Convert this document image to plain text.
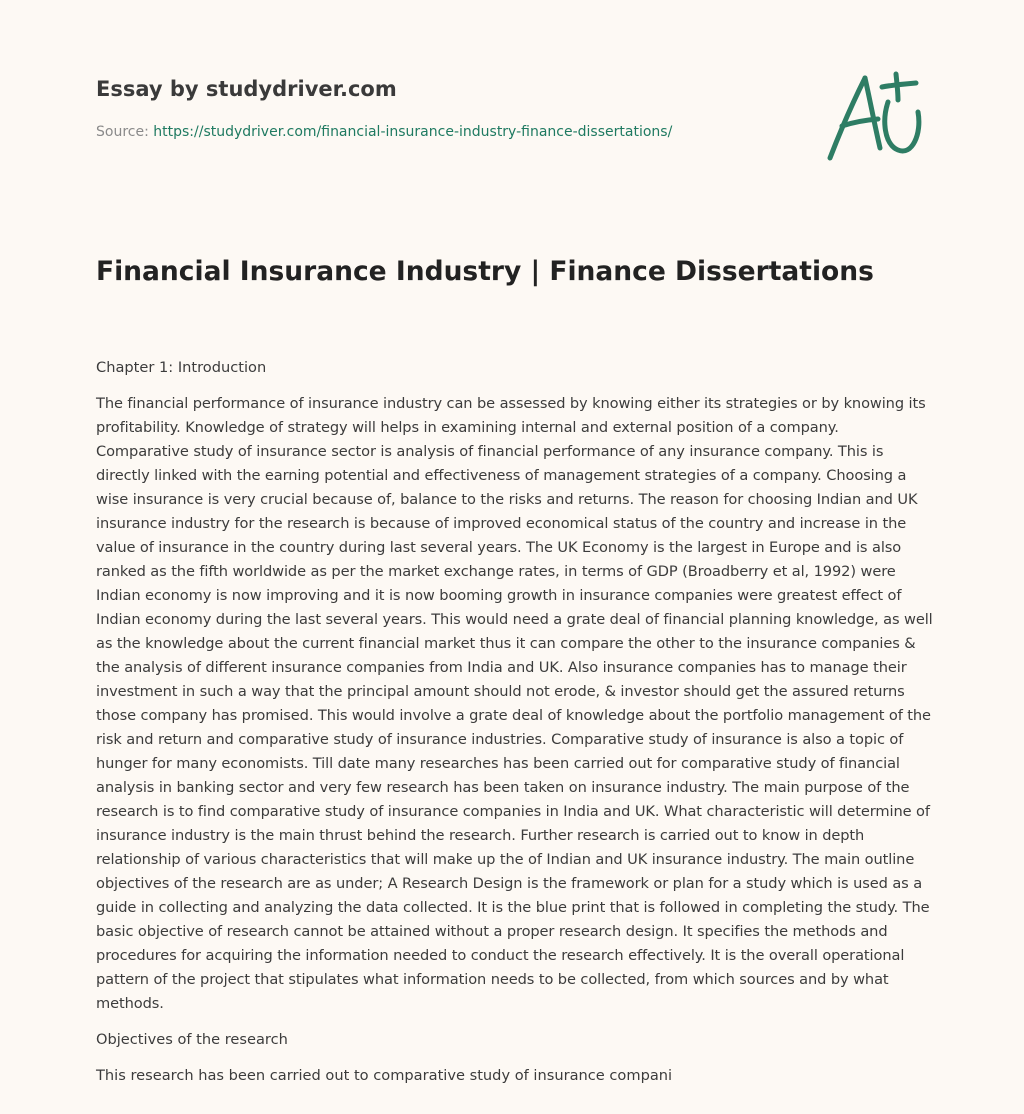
Essay by studydriver.com
Source: https://studydriver.com/financial-insurance-industry-finance-dissertations/
Financial Insurance Industry | Finance Dissertations

Chapter 1: Introduction

The financial performance of insurance industry can be assessed by knowing either its strategies or by knowing its profitability. Knowledge of strategy will helps in examining internal and external position of a company. Comparative study of insurance sector is analysis of financial performance of any insurance company. This is directly linked with the earning potential and effectiveness of management strategies of a company. Choosing a wise insurance is very crucial because of, balance to the risks and returns. The reason for choosing Indian and UK insurance industry for the research is because of improved economical status of the country and increase in the value of insurance in the country during last several years. The UK Economy is the largest in Europe and is also ranked as the fifth worldwide as per the market exchange rates, in terms of GDP (Broadberry et al, 1992) were Indian economy is now improving and it is now booming growth in insurance companies were greatest effect of Indian economy during the last several years. This would need a grate deal of financial planning knowledge, as well as the knowledge about the current financial market thus it can compare the other to the insurance companies & the analysis of different insurance companies from India and UK. Also insurance companies has to manage their investment in such a way that the principal amount should not erode, & investor should get the assured returns those company has promised. This would involve a grate deal of knowledge about the portfolio management of the risk and return and comparative study of insurance industries. Comparative study of insurance is also a topic of hunger for many economists. Till date many researches has been carried out for comparative study of financial analysis in banking sector and very few research has been taken on insurance industry. The main purpose of the research is to find comparative study of insurance companies in India and UK. What characteristic will determine of insurance industry is the main thrust behind the research. Further research is carried out to know in depth relationship of various characteristics that will make up the of Indian and UK insurance industry. The main outline objectives of the research are as under; A Research Design is the framework or plan for a study which is used as a guide in collecting and analyzing the data collected. It is the blue print that is followed in completing the study. The basic objective of research cannot be attained without a proper research design. It specifies the methods and procedures for acquiring the information needed to conduct the research effectively. It is the overall operational pattern of the project that stipulates what information needs to be collected, from which sources and by what methods.

Objectives of the research

This research has been carried out to comparative study of insurance compani
